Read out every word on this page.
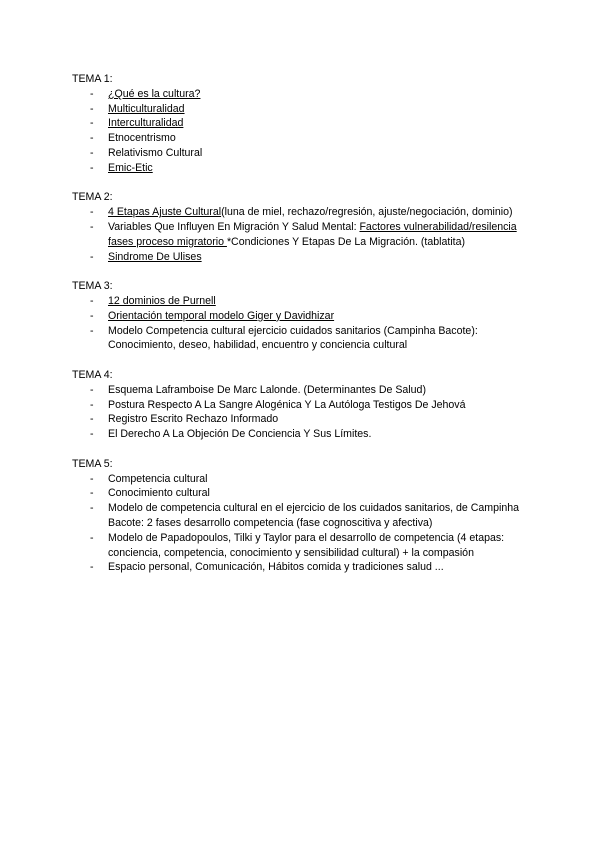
TEMA 1:

- ¿Qué es la cultura?
- Multiculturalidad
- Interculturalidad
- Etnocentrismo
- Relativismo Cultural
- Emic-Etic

TEMA 2:

- 4 Etapas Ajuste Cultural(luna de miel, rechazo/regresión, ajuste/negociación, dominio)
- Variables Que Influyen En Migración Y Salud Mental: Factores vulnerabilidad/resilencia fases proceso migratorio *Condiciones Y Etapas De La Migración. (tablatita)
- Sindrome De Ulises

TEMA 3:

- 12 dominios de Purnell
- Orientación temporal modelo Giger y Davidhizar
- Modelo Competencia cultural ejercicio cuidados sanitarios (Campinha Bacote): Conocimiento, deseo, habilidad, encuentro y conciencia cultural

TEMA 4:

- Esquema Laframboise De Marc Lalonde. (Determinantes De Salud)
- Postura Respecto A La Sangre Alogénica Y La Autóloga Testigos De Jehová
- Registro Escrito Rechazo Informado
- El Derecho A La Objeción De Conciencia Y Sus Límites.

TEMA 5:

- Competencia cultural
- Conocimiento cultural
- Modelo de competencia cultural en el ejercicio de los cuidados sanitarios, de Campinha Bacote: 2 fases desarrollo competencia (fase cognoscitiva y afectiva)
- Modelo de Papadopoulos, Tilki y Taylor para el desarrollo de competencia (4 etapas: conciencia, competencia, conocimiento y sensibilidad cultural) + la compasión
- Espacio personal, Comunicación, Hábitos comida y tradiciones salud ...
